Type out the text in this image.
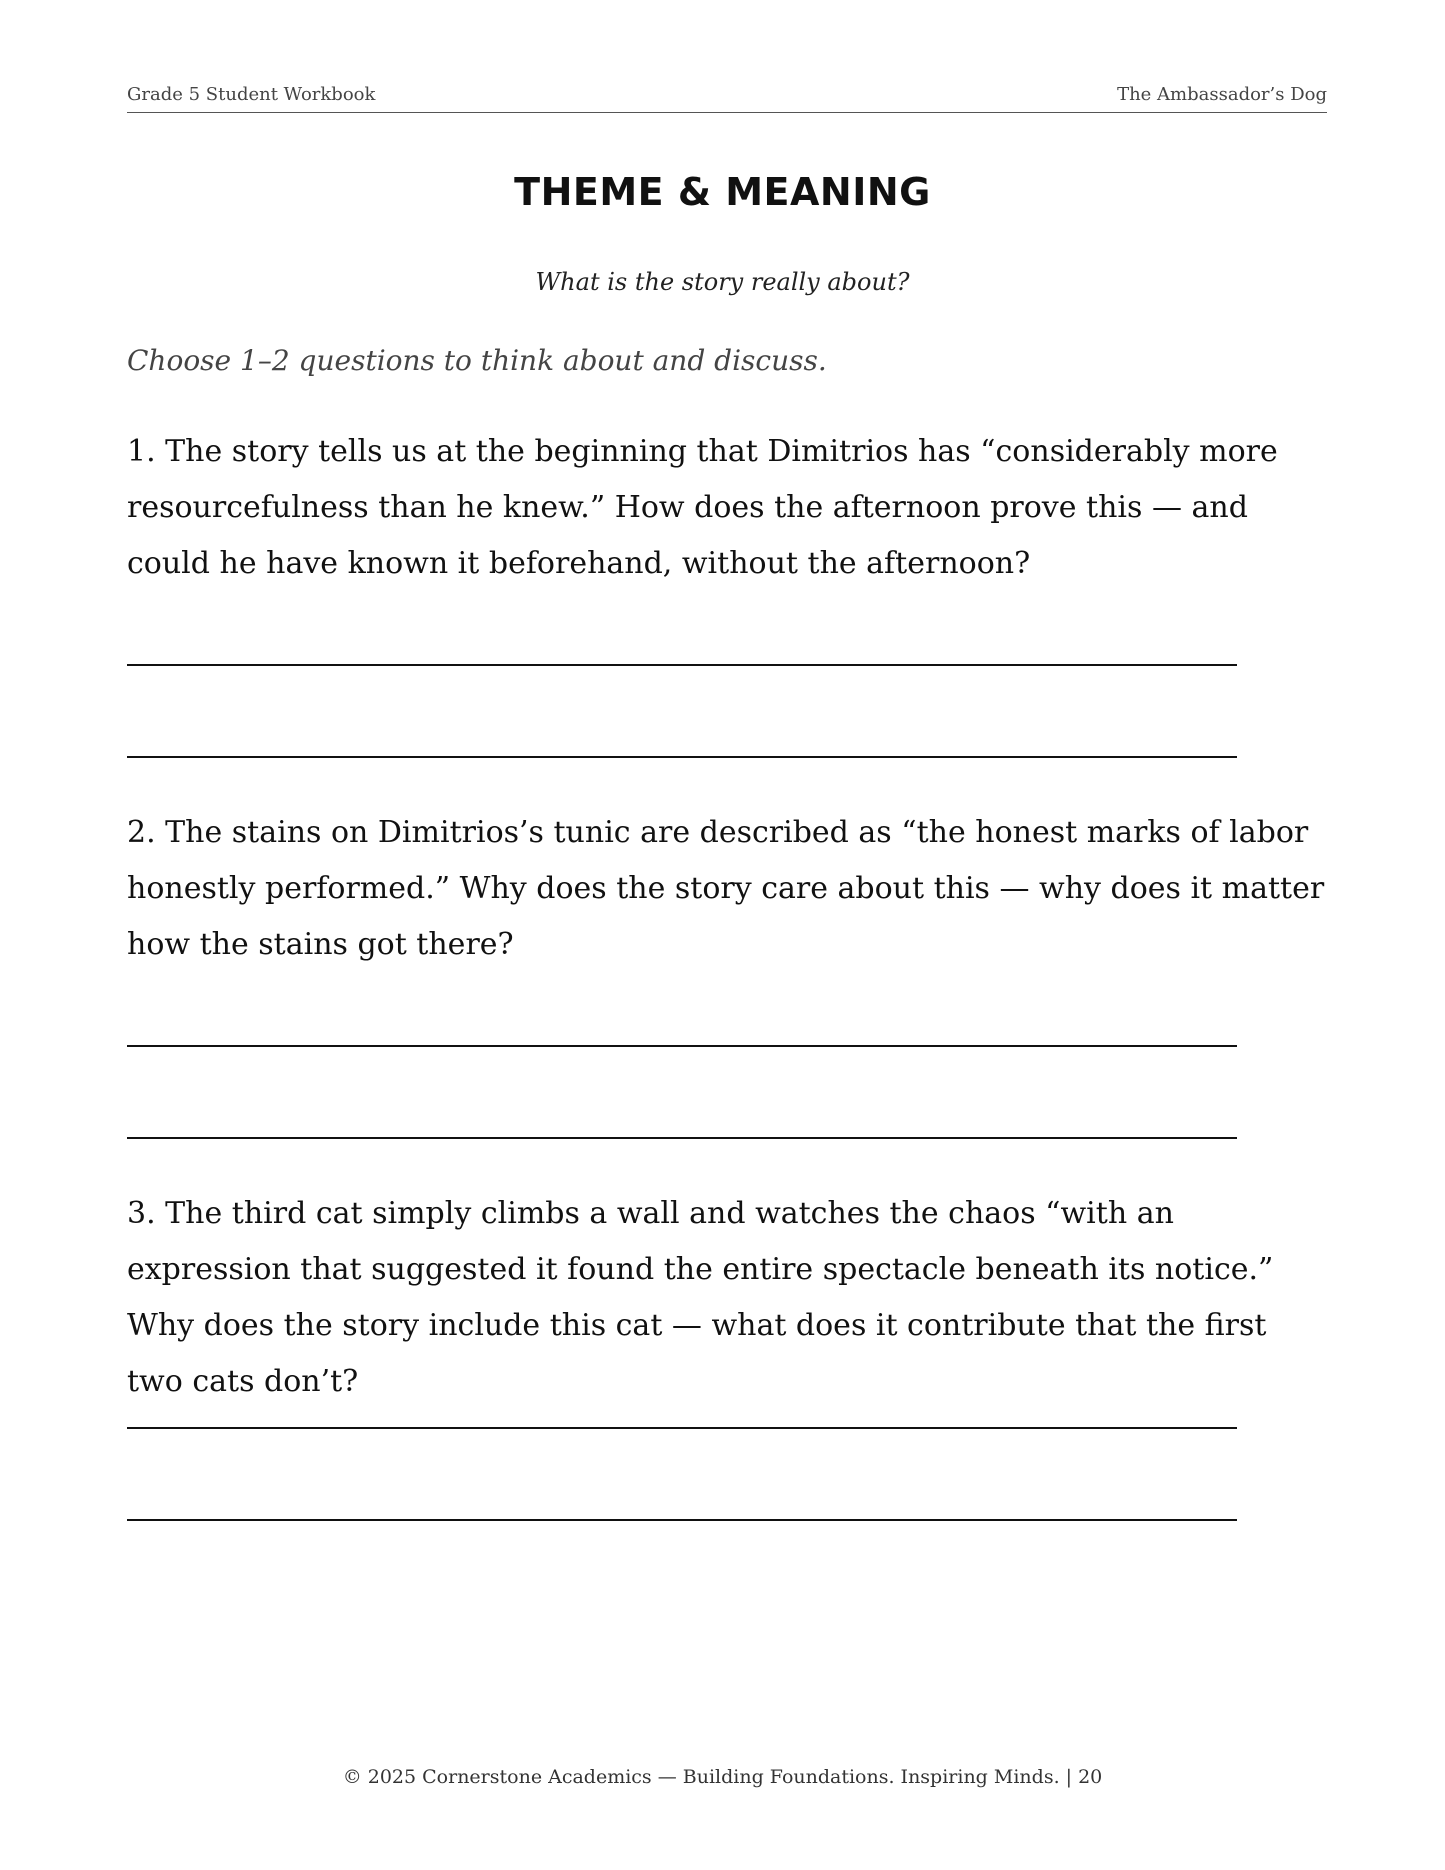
Grade 5 Student Workbook	The Ambassador’s Dog
THEME & MEANING
What is the story really about?
Choose 1–2 questions to think about and discuss.
1. The story tells us at the beginning that Dimitrios has “considerably more resourcefulness than he knew.” How does the afternoon prove this — and could he have known it beforehand, without the afternoon?
2. The stains on Dimitrios’s tunic are described as “the honest marks of labor honestly performed.” Why does the story care about this — why does it matter how the stains got there?
3. The third cat simply climbs a wall and watches the chaos “with an expression that suggested it found the entire spectacle beneath its notice.” Why does the story include this cat — what does it contribute that the first two cats don’t?
© 2025 Cornerstone Academics — Building Foundations. Inspiring Minds. | 20
